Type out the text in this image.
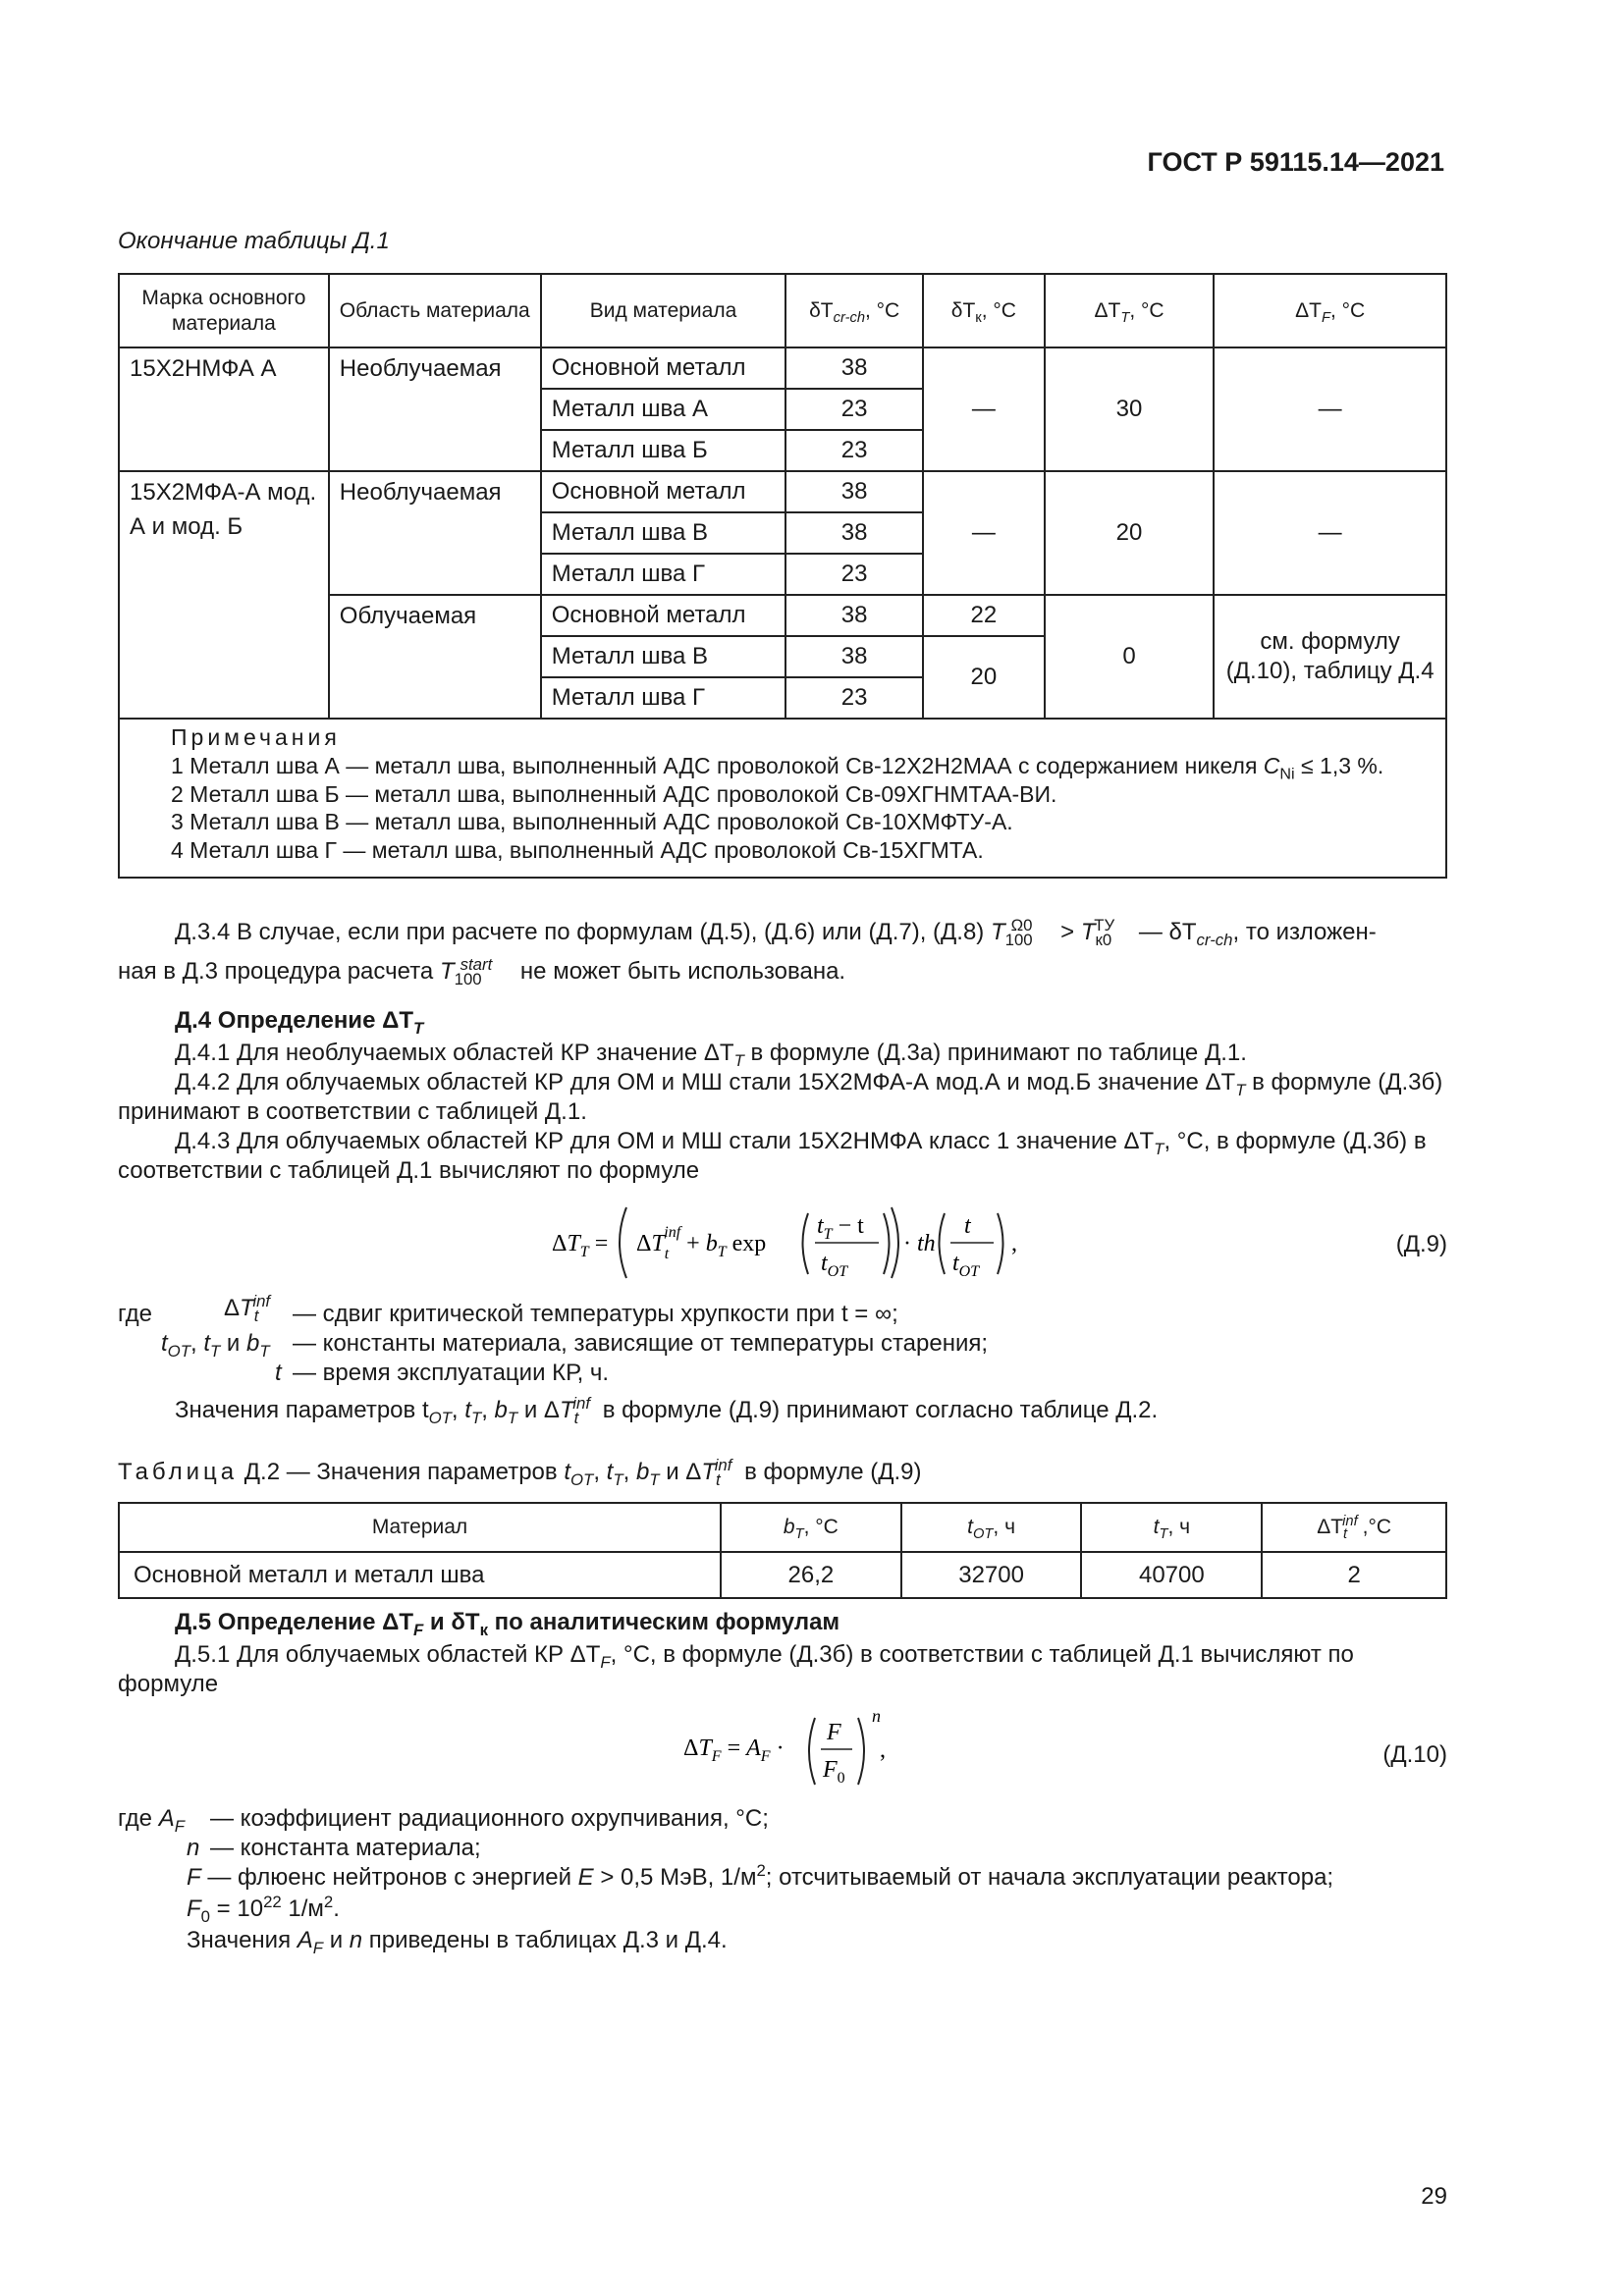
ГОСТ Р 59115.14—2021
Окончание таблицы Д.1
Марка основного материала	Область материала	Вид материала	$\delta T_{cr-ch}$, °С	$\delta T_к$, °С	$\Delta T_T$, °С	$\Delta T_F$, °С
15Х2НМФА А	Необлучаемая	Основной металл	38	—	30	—
		Металл шва А	23			
		Металл шва Б	23			
15Х2МФА-А мод. А и мод. Б	Необлучаемая	Основной металл	38	—	20	—
		Металл шва В	38			
		Металл шва Г	23			
	Облучаемая	Основной металл	38	22	0	см. формулу (Д.10), таблицу Д.4
		Металл шва В	38	20		
		Металл шва Г	23			

Примечания
1 Металл шва А — металл шва, выполненный АДС проволокой Св-12Х2Н2МАА с содержанием никеля $C_{Ni} \le 1,3$ %.
2 Металл шва Б — металл шва, выполненный АДС проволокой Св-09ХГНМТАА-ВИ.
3 Металл шва В — металл шва, выполненный АДС проволокой Св-10ХМФТУ-А.
4 Металл шва Г — металл шва, выполненный АДС проволокой Св-15ХГМТА.						
Д.3.4 В случае, если при расчете по формулам (Д.5), (Д.6) или (Д.7), (Д.8) $T_{100}^{\Omega 0} > T_{к0}^{ТУ}$ — $\delta T_{cr-ch}$, то изложен-
ная в Д.3 процедура расчета $T_{100}^{start}$ не может быть использована.
Д.4 Определение $\Delta T_T$
Д.4.1 Для необлучаемых областей КР значение $\Delta T_T$ в формуле (Д.3а) принимают по таблице Д.1.
Д.4.2 Для облучаемых областей КР для ОМ и МШ стали 15Х2МФА-А мод.А и мод.Б значение $\Delta T_T$ в формуле (Д.3б) принимают в соответствии с таблицей Д.1.
Д.4.3 Для облучаемых областей КР для ОМ и МШ стали 15Х2НМФА класс 1 значение $\Delta T_T$, °С, в формуле (Д.3б) в соответствии с таблицей Д.1 вычисляют по формуле
$\Delta T_T = \Delta T_tinf + b_T$ exp
$t_T - t$
$t_{OT}$
· th
t
$t_{OT}$
,	(Д.9)
где	$\Delta T_t^{inf}$ — сдвиг критической температуры хрупкости при t = ∞;
$t_{OT}$, $t_T$ и $b_T$ — константы материала, зависящие от температуры старения;
t — время эксплуатации КР, ч.
Значения параметров $t_{OT}$, $t_T$, $b_T$ и $\Delta T_t^{inf}$ в формуле (Д.9) принимают согласно таблице Д.2.
Таблица Д.2 — Значения параметров $t_{OT}$, $t_T$, $b_T$ и $\Delta T_t^{inf}$ в формуле (Д.9)
Материал	$b_T$, °С	$t_{OT}$, ч	$t_T$, ч	$\Delta T_t^{inf}$ ,°С
Основной металл и металл шва	26,2	32700	40700	2
Д.5 Определение $\Delta T_F$ и $\delta T_к$ по аналитическим формулам
Д.5.1 Для облучаемых областей КР $\Delta T_F$, °С, в формуле (Д.3б) в соответствии с таблицей Д.1 вычисляют по формуле
$\Delta T_F = A_F$ ·
F
$F_0$
n
,	(Д.10)
где $A_F$ — коэффициент радиационного охрупчивания, °С;
n — константа материала;
F — флюенс нейтронов с энергией E > 0,5 МэВ, $1/м^2$; отсчитываемый от начала эксплуатации реактора;
$F_0 = 10^{22}$ $1/м^2$.
Значения $A_F$ и n приведены в таблицах Д.3 и Д.4.
29
